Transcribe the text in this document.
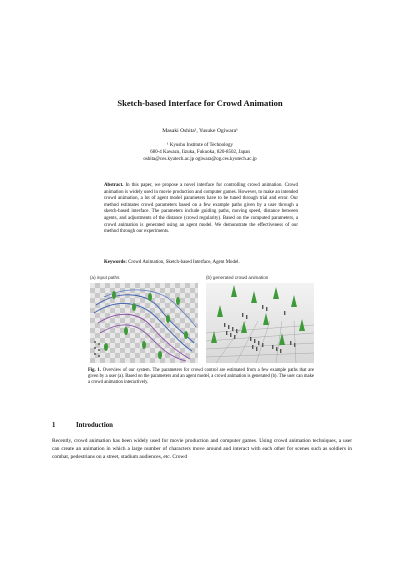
Sketch-based Interface for Crowd Animation
Masaki Oshita¹, Yusuke Ogiwara¹
¹ Kyushu Institute of Technology
680-4 Kawazu, Iizuka, Fukuoka, 820-8502, Japan
oshita@ces.kyutech.ac.jp ogiwara@og.ces.kyutech.ac.jp
Abstract. In this paper, we propose a novel interface for controlling crowd animation. Crowd animation is widely used in movie production and computer games. However, to make an intended crowd animation, a lot of agent model parameters have to be tuned through trial and error. Our method estimates crowd parameters based on a few example paths given by a user through a sketch-based interface. The parameters include guiding paths, moving speed, distance between agents, and adjustments of the distance (crowd regularity). Based on the computed parameters, a crowd animation is generated using an agent model. We demonstrate the effectiveness of our method through our experiments.
Keywords: Crowd Animation, Sketch-based Interface, Agent Model.
(a) input paths	(b) generated crowd animation
Fig. 1. Overview of our system. The parameters for crowd control are estimated from a few example paths that are given by a user (a). Based on the parameters and an agent model, a crowd animation is generated (b). The user can make a crowd animation interactively.
1	Introduction
Recently, crowd animation has been widely used for movie production and computer games. Using crowd animation techniques, a user can create an animation in which a large number of characters move around and interact with each other for scenes such as soldiers in combat, pedestrians on a street, stadium audiences, etc. Crowd
